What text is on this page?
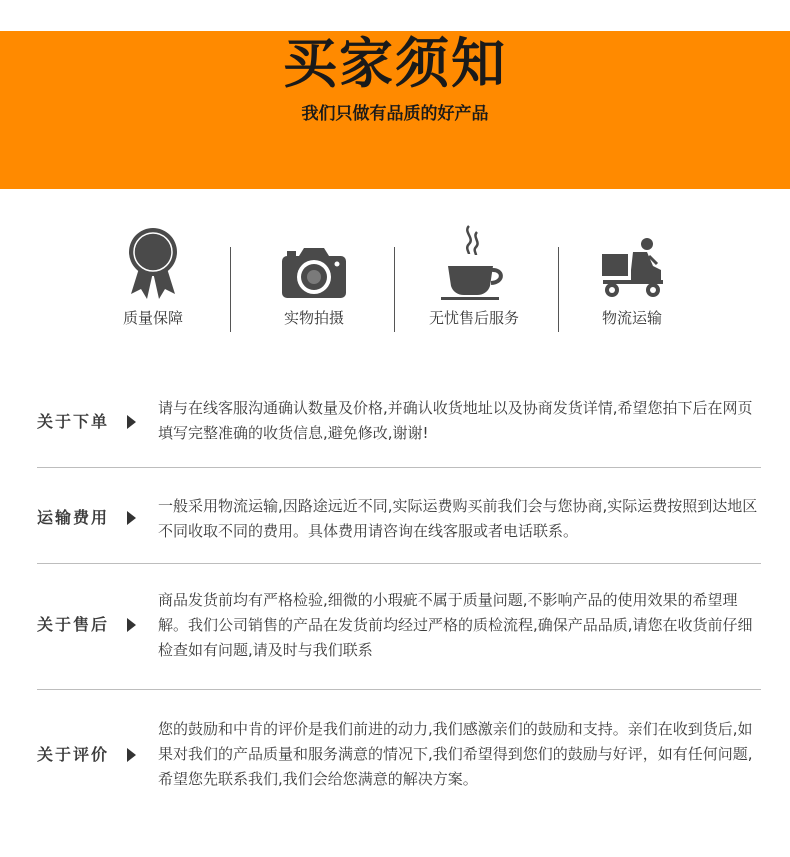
买家须知
我们只做有品质的好产品
质量保障	实物拍摄	无忧售后服务	物流运输
关于下单
请与在线客服沟通确认数量及价格,并确认收货地址以及协商发货详情,希望您拍下后在网页填写完整准确的收货信息,避免修改,谢谢!
运输费用
一般采用物流运输,因路途远近不同,实际运费购买前我们会与您协商,实际运费按照到达地区不同收取不同的费用。具体费用请咨询在线客服或者电话联系。
关于售后
商品发货前均有严格检验,细微的小瑕疵不属于质量问题,不影响产品的使用效果的希望理解。我们公司销售的产品在发货前均经过严格的质检流程,确保产品品质,请您在收货前仔细检查如有问题,请及时与我们联系
关于评价
您的鼓励和中肯的评价是我们前进的动力,我们感激亲们的鼓励和支持。亲们在收到货后,如果对我们的产品质量和服务满意的情况下,我们希望得到您们的鼓励与好评，如有任何问题,希望您先联系我们,我们会给您满意的解决方案。
